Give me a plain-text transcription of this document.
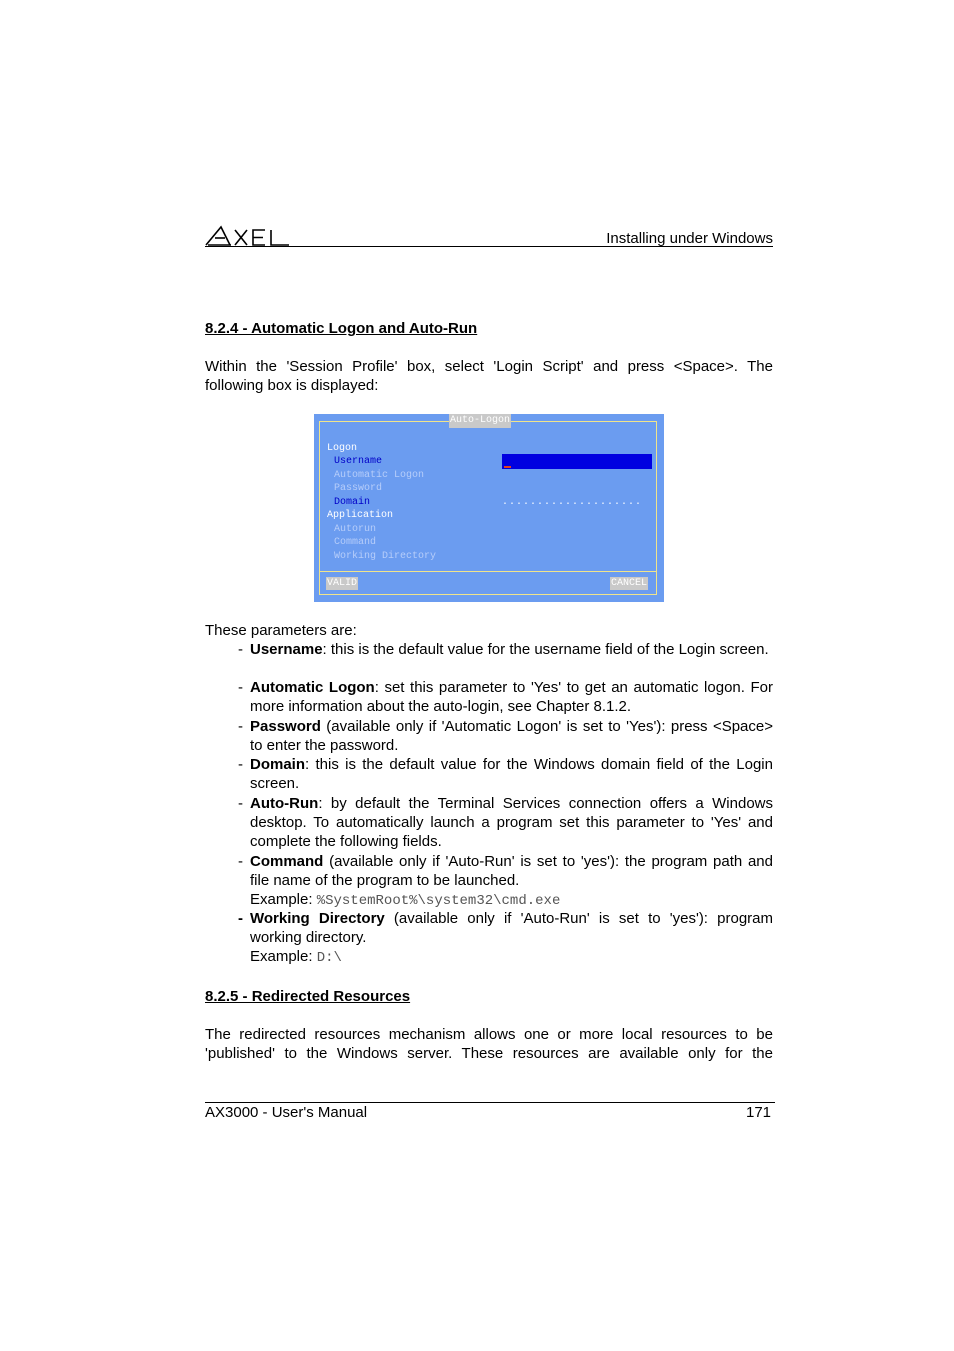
Installing under Windows
8.2.4 - Automatic Logon and Auto-Run
Within the 'Session Profile' box, select 'Login Script' and press <Space>. The
following box is displayed:
Auto-Logon
Logon
Username
Automatic Logon
Password
Domain
Application
Autorun
Command
Working Directory
....................
VALID	CANCEL
These parameters are:
- Username: this is the default value for the username field of the Login screen.
- Automatic Logon: set this parameter to 'Yes' to get an automatic logon. For more information about the auto-login, see Chapter 8.1.2.
- Password (available only if 'Automatic Logon' is set to 'Yes'): press <Space> to enter the password.
- Domain: this is the default value for the Windows domain field of the Login screen.
- Auto-Run: by default the Terminal Services connection offers a Windows desktop. To automatically launch a program set this parameter to 'Yes' and complete the following fields.
- Command (available only if 'Auto-Run' is set to 'yes'): the program path and file name of the program to be launched.
Example: %SystemRoot%\system32\cmd.exe
- Working Directory (available only if 'Auto-Run' is set to 'yes'): program working directory.
Example: D:\
8.2.5 - Redirected Resources
The redirected resources mechanism allows one or more local resources to be
'published' to the Windows server. These resources are available only for the
AX3000 - User's Manual	171
